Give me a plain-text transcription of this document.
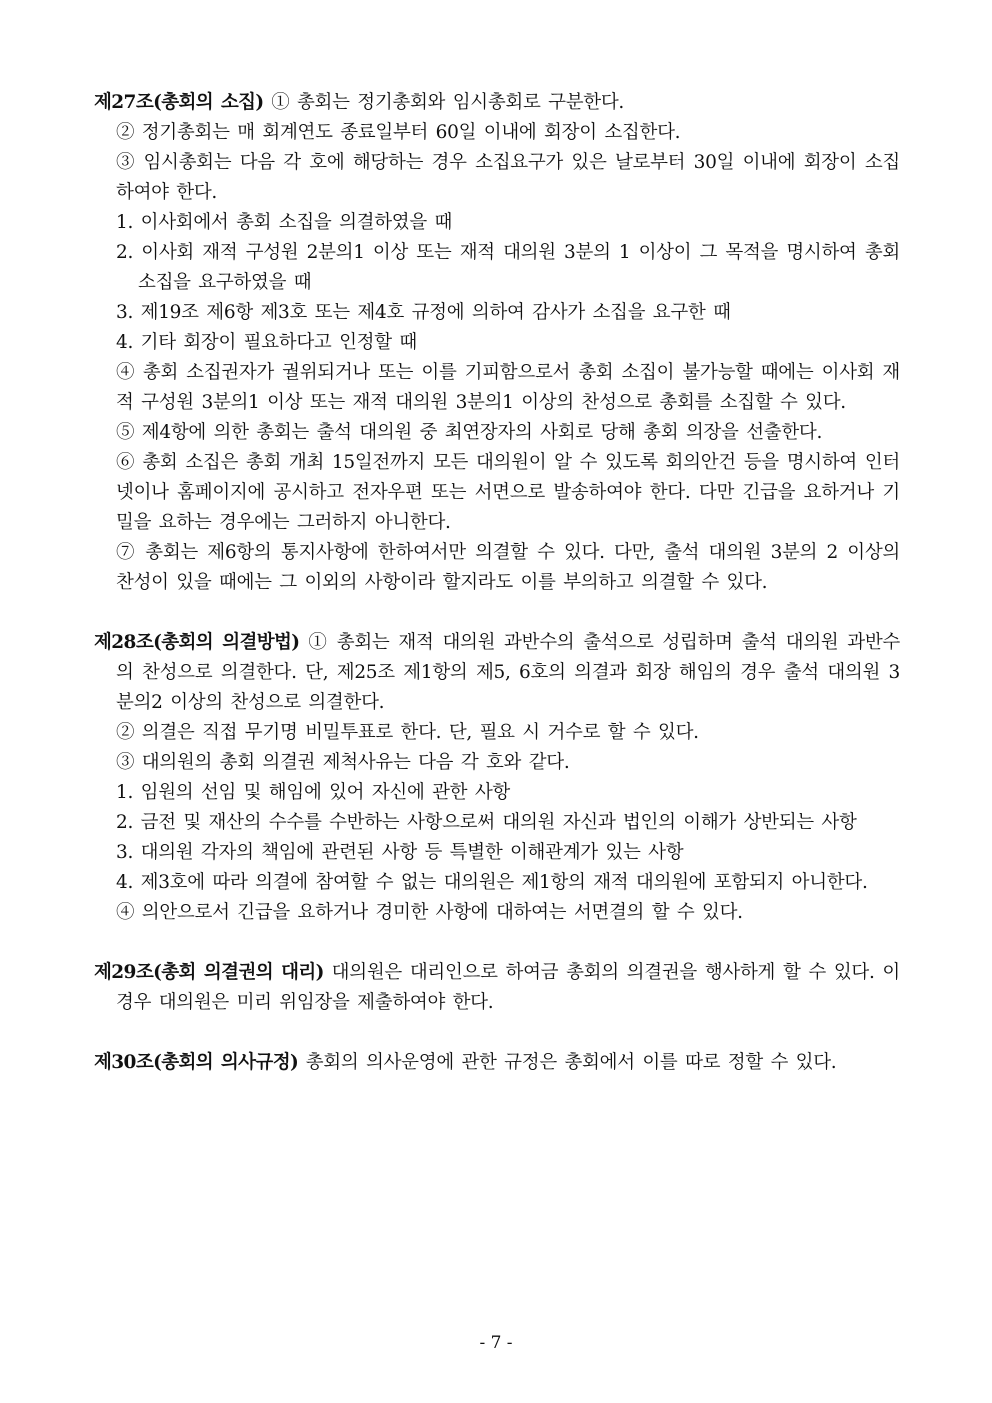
제27조(총회의 소집) ① 총회는 정기총회와 임시총회로 구분한다.

② 정기총회는 매 회계연도 종료일부터 60일 이내에 회장이 소집한다.

③ 임시총회는 다음 각 호에 해당하는 경우 소집요구가 있은 날로부터 30일 이내에 회장이 소집하여야 한다.

1. 이사회에서 총회 소집을 의결하였을 때

2. 이사회 재적 구성원 2분의1 이상 또는 재적 대의원 3분의 1 이상이 그 목적을 명시하여 총회 소집을 요구하였을 때

3. 제19조 제6항 제3호 또는 제4호 규정에 의하여 감사가 소집을 요구한 때

4. 기타 회장이 필요하다고 인정할 때

④ 총회 소집권자가 궐위되거나 또는 이를 기피함으로서 총회 소집이 불가능할 때에는 이사회 재적 구성원 3분의1 이상 또는 재적 대의원 3분의1 이상의 찬성으로 총회를 소집할 수 있다.

⑤ 제4항에 의한 총회는 출석 대의원 중 최연장자의 사회로 당해 총회 의장을 선출한다.

⑥ 총회 소집은 총회 개최 15일전까지 모든 대의원이 알 수 있도록 회의안건 등을 명시하여 인터넷이나 홈페이지에 공시하고 전자우편 또는 서면으로 발송하여야 한다. 다만 긴급을 요하거나 기밀을 요하는 경우에는 그러하지 아니한다.

⑦ 총회는 제6항의 통지사항에 한하여서만 의결할 수 있다. 다만, 출석 대의원 3분의 2 이상의 찬성이 있을 때에는 그 이외의 사항이라 할지라도 이를 부의하고 의결할 수 있다.

제28조(총회의 의결방법) ① 총회는 재적 대의원 과반수의 출석으로 성립하며 출석 대의원 과반수의 찬성으로 의결한다. 단, 제25조 제1항의 제5, 6호의 의결과 회장 해임의 경우 출석 대의원 3분의2 이상의 찬성으로 의결한다.

② 의결은 직접 무기명 비밀투표로 한다. 단, 필요 시 거수로 할 수 있다.

③ 대의원의 총회 의결권 제척사유는 다음 각 호와 같다.

1. 임원의 선임 및 해임에 있어 자신에 관한 사항

2. 금전 및 재산의 수수를 수반하는 사항으로써 대의원 자신과 법인의 이해가 상반되는 사항

3. 대의원 각자의 책임에 관련된 사항 등 특별한 이해관계가 있는 사항

4. 제3호에 따라 의결에 참여할 수 없는 대의원은 제1항의 재적 대의원에 포함되지 아니한다.

④ 의안으로서 긴급을 요하거나 경미한 사항에 대하여는 서면결의 할 수 있다.

제29조(총회 의결권의 대리) 대의원은 대리인으로 하여금 총회의 의결권을 행사하게 할 수 있다. 이 경우 대의원은 미리 위임장을 제출하여야 한다.

제30조(총회의 의사규정) 총회의 의사운영에 관한 규정은 총회에서 이를 따로 정할 수 있다.

- 7 -
